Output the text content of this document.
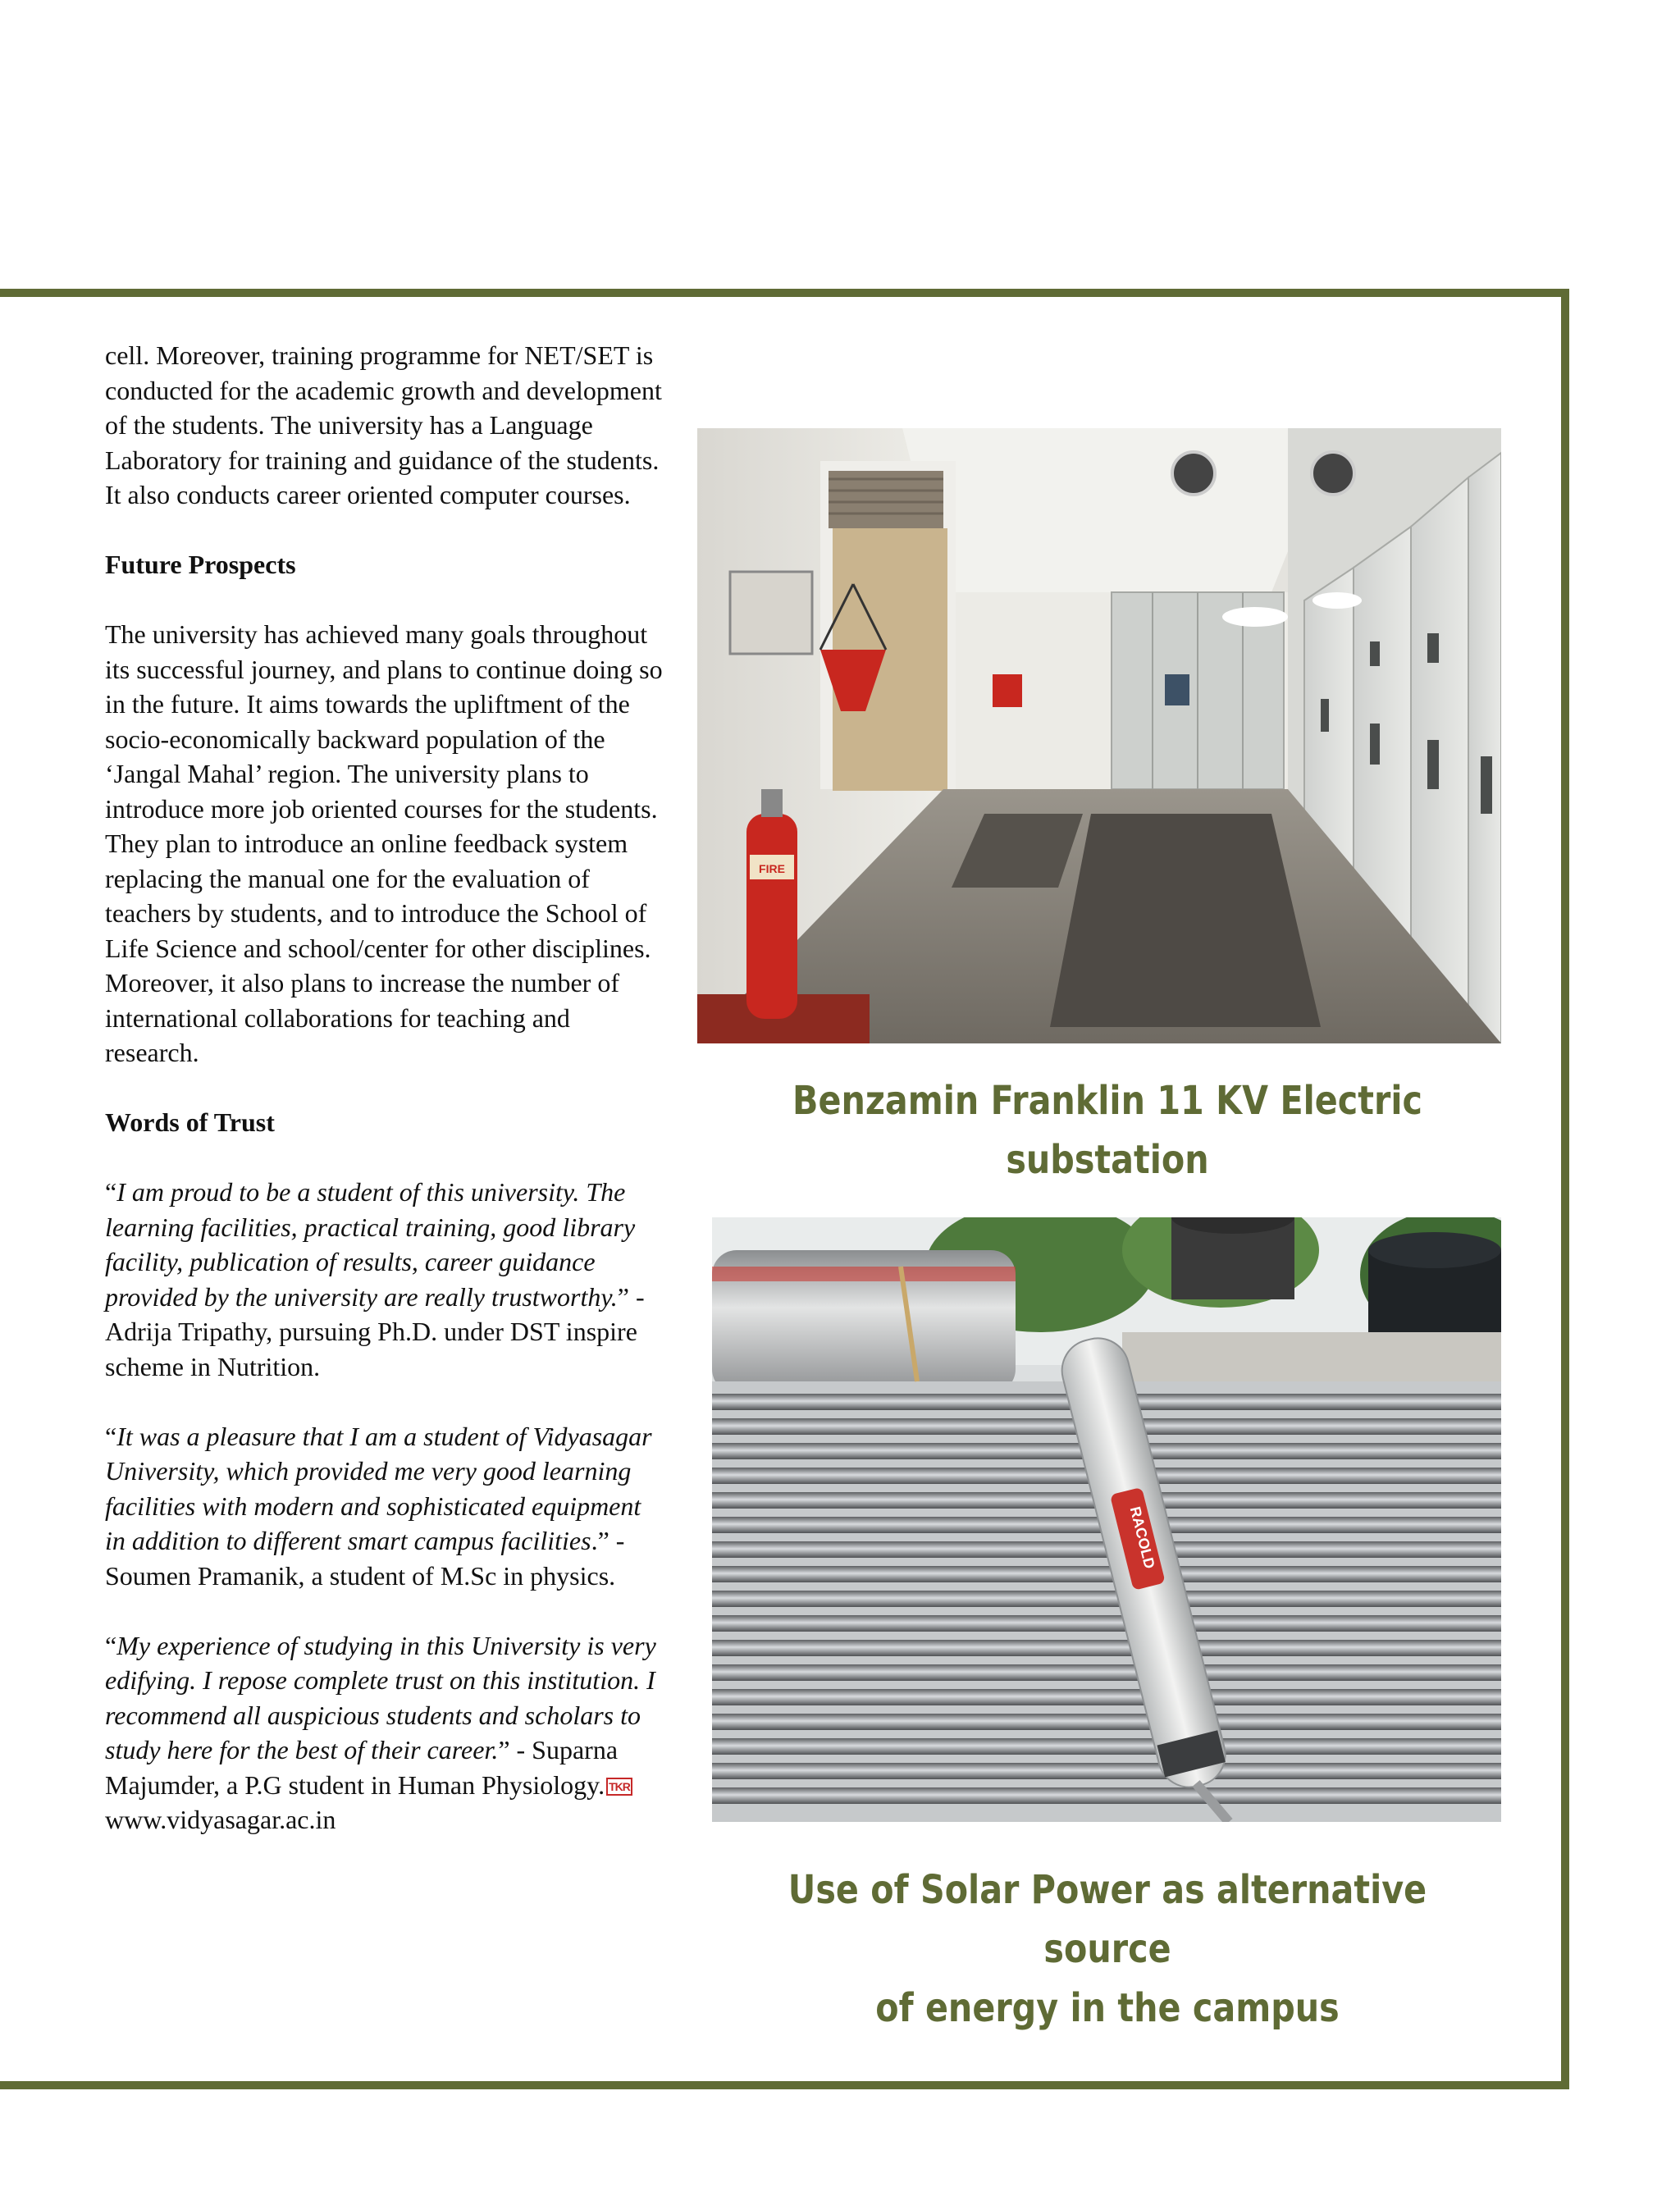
cell. Moreover, training programme for NET/SET is conducted for the academic growth and development of the students. The university has a Language Laboratory for training and guidance of the students. It also conducts career oriented computer courses.

Future Prospects

The university has achieved many goals throughout its successful journey, and plans to continue doing so in the future. It aims towards the upliftment of the socio-economically backward population of the ‘Jangal Mahal’ region. The university plans to introduce more job oriented courses for the students. They plan to introduce an online feedback system replacing the manual one for the evaluation of teachers by students, and to introduce the School of Life Science and school/center for other disciplines. Moreover, it also plans to increase the number of international collaborations for teaching and research.

Words of Trust

“I am proud to be a student of this university. The learning facilities, practical training, good library facility, publication of results, career guidance provided by the university are really trustworthy.” - Adrija Tripathy, pursuing Ph.D. under DST inspire scheme in Nutrition.

“It was a pleasure that I am a student of Vidyasagar University, which provided me very good learning facilities with modern and sophisticated equipment in addition to different smart campus facilities.” - Soumen Pramanik, a student of M.Sc in physics.

“My experience of studying in this University is very edifying. I repose complete trust on this institution. I recommend all auspicious students and scholars to study here for the best of their career.” - Suparna Majumder, a P.G student in Human Physiology. TKR

www.vidyasagar.ac.in

FIRE
Benzamin Franklin 11 KV Electric substation
RACOLD
Use of Solar Power as alternative source
of energy in the campus
